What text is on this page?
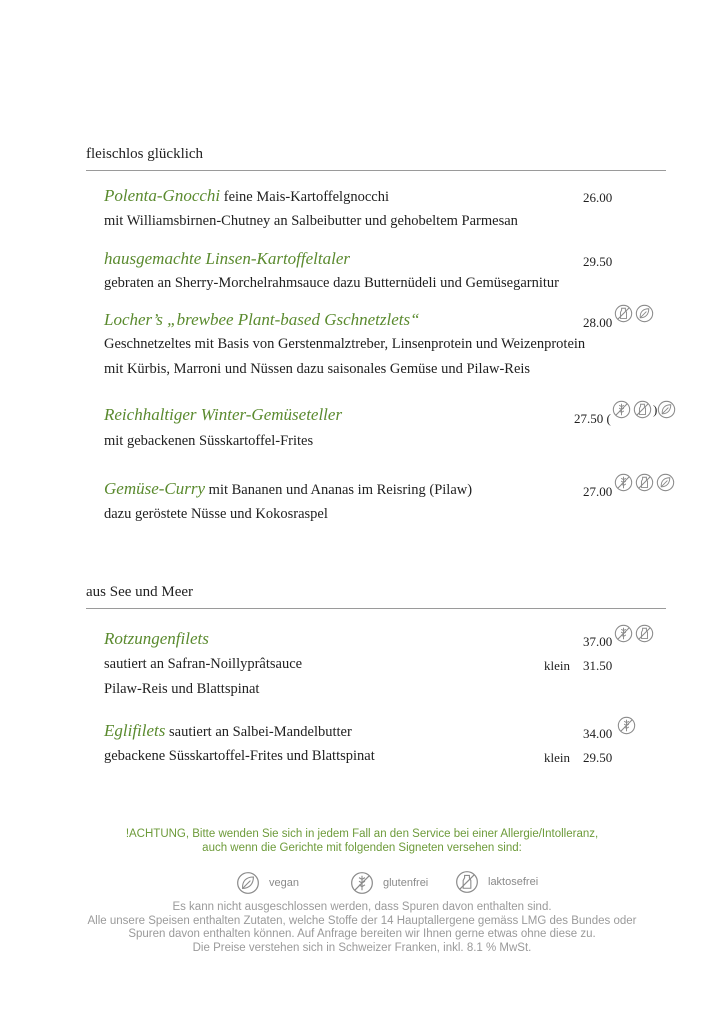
fleischlos glücklich
Polenta-Gnocchi feine Mais-Kartoffelgnocchi	26.00
mit Williamsbirnen-Chutney an Salbeibutter und gehobeltem Parmesan
hausgemachte Linsen-Kartoffeltaler	29.50
gebraten an Sherry-Morchelrahmsauce dazu Butternüdeli und Gemüsegarnitur
Locher’s „brewbee Plant-based Gschnetzlets“	28.00
Geschnetzeltes mit Basis von Gerstenmalztreber, Linsenprotein und Weizenprotein
mit Kürbis, Marroni und Nüssen dazu saisonales Gemüse und Pilaw-Reis
Reichhaltiger Winter-Gemüseteller	27.50 (
)
mit gebackenen Süsskartoffel-Frites
Gemüse-Curry mit Bananen und Ananas im Reisring (Pilaw)	27.00
dazu geröstete Nüsse und Kokosraspel
aus See und Meer
Rotzungenfilets	37.00
sautiert an Safran-Noillyprâtsauce	klein 31.50
Pilaw-Reis und Blattspinat
Eglifilets sautiert an Salbei-Mandelbutter	34.00
gebackene Süsskartoffel-Frites und Blattspinat	klein 29.50
!ACHTUNG, Bitte wenden Sie sich in jedem Fall an den Service bei einer Allergie/Intolleranz,
auch wenn die Gerichte mit folgenden Signeten versehen sind:
vegan	glutenfrei	laktosefrei
Es kann nicht ausgeschlossen werden, dass Spuren davon enthalten sind.
Alle unsere Speisen enthalten Zutaten, welche Stoffe der 14 Hauptallergene gemäss LMG des Bundes oder
Spuren davon enthalten können. Auf Anfrage bereiten wir Ihnen gerne etwas ohne diese zu.
Die Preise verstehen sich in Schweizer Franken, inkl. 8.1 % MwSt.
